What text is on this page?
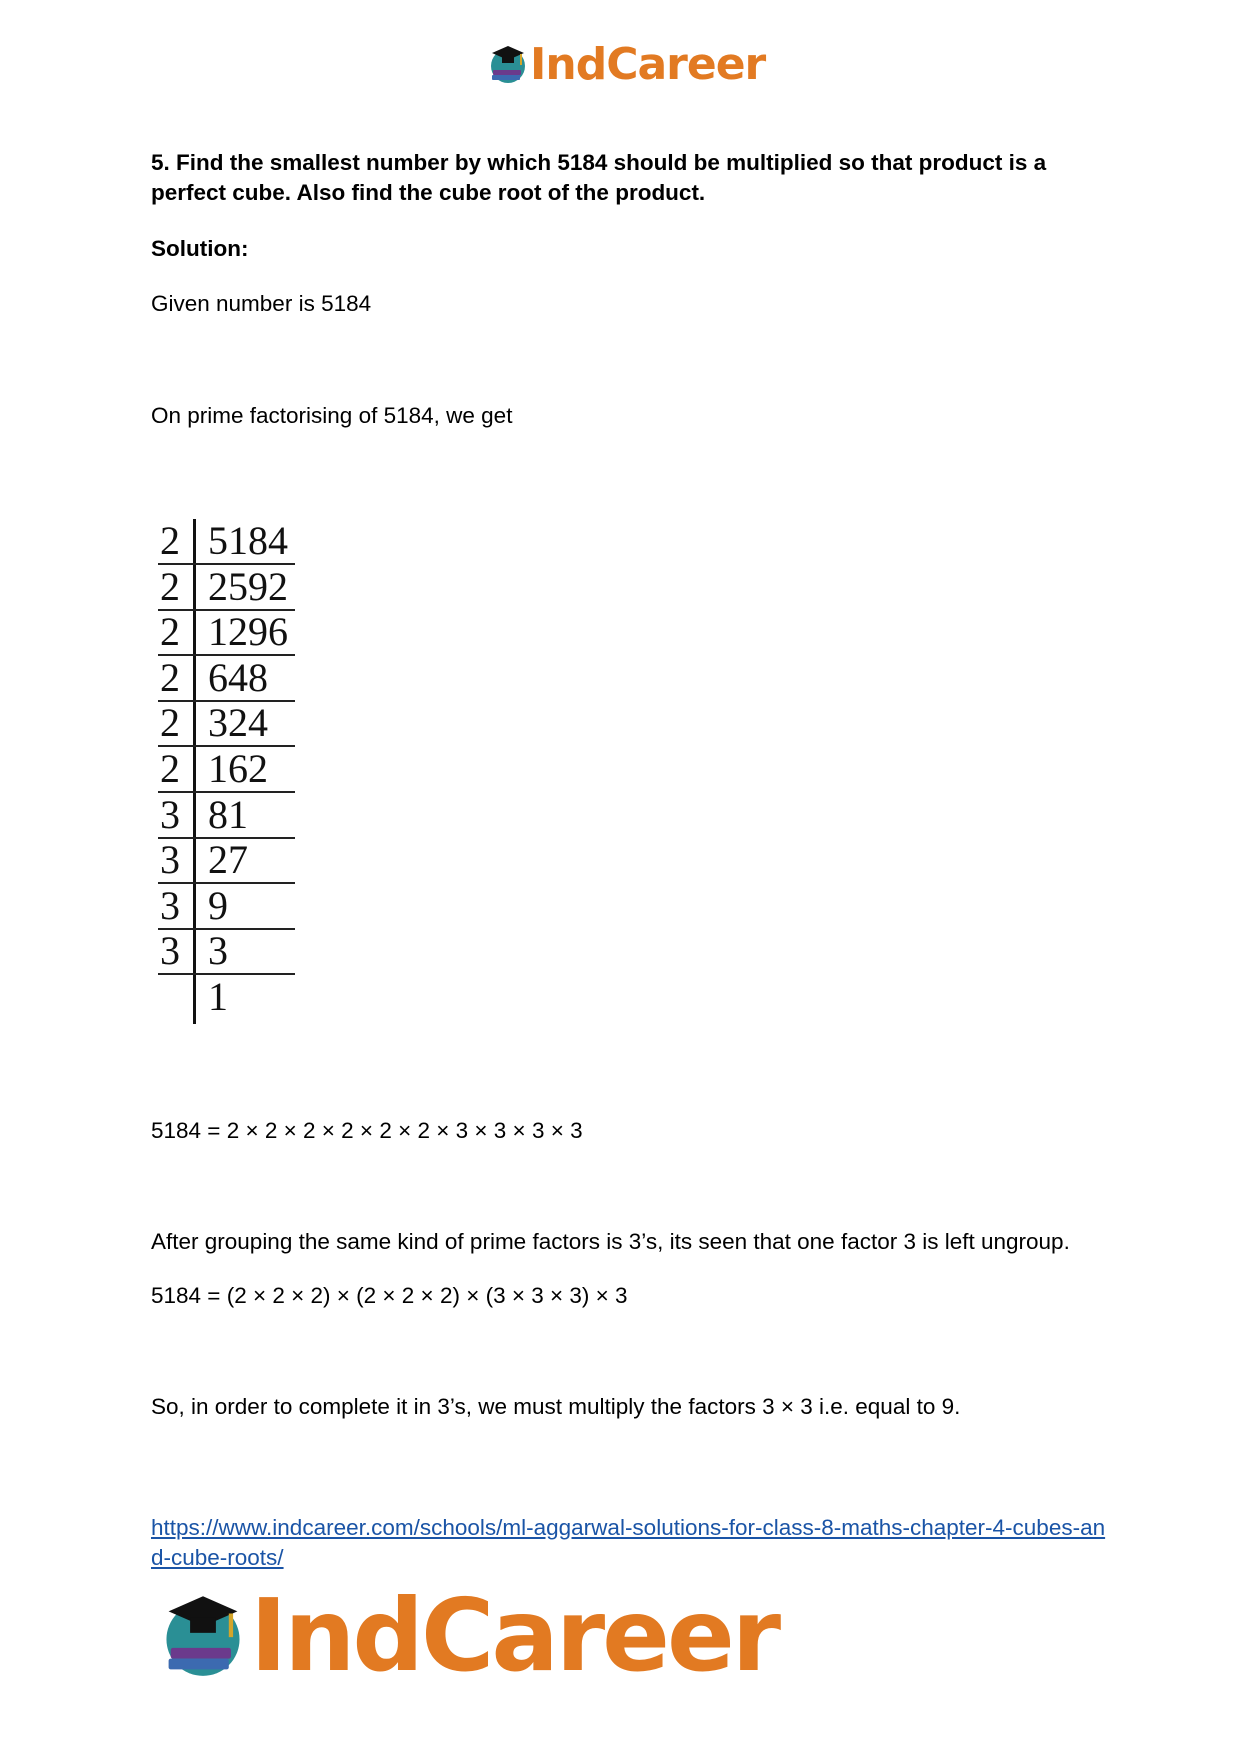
IndCareer
5. Find the smallest number by which 5184 should be multiplied so that product is a perfect cube. Also find the cube root of the product.
Solution:
Given number is 5184
On prime factorising of 5184, we get
2 5184
2 2592
2 1296
2 648
2 324
2 162
3 81
3 27
3 9
3 3
1
5184 = 2 × 2 × 2 × 2 × 2 × 2 × 3 × 3 × 3 × 3
After grouping the same kind of prime factors is 3’s, its seen that one factor 3 is left ungroup.
5184 = (2 × 2 × 2) × (2 × 2 × 2) × (3 × 3 × 3) × 3
So, in order to complete it in 3’s, we must multiply the factors 3 × 3 i.e. equal to 9.
https://www.indcareer.com/schools/ml-aggarwal-solutions-for-class-8-maths-chapter-4-cubes-and-cube-roots/
IndCareer
